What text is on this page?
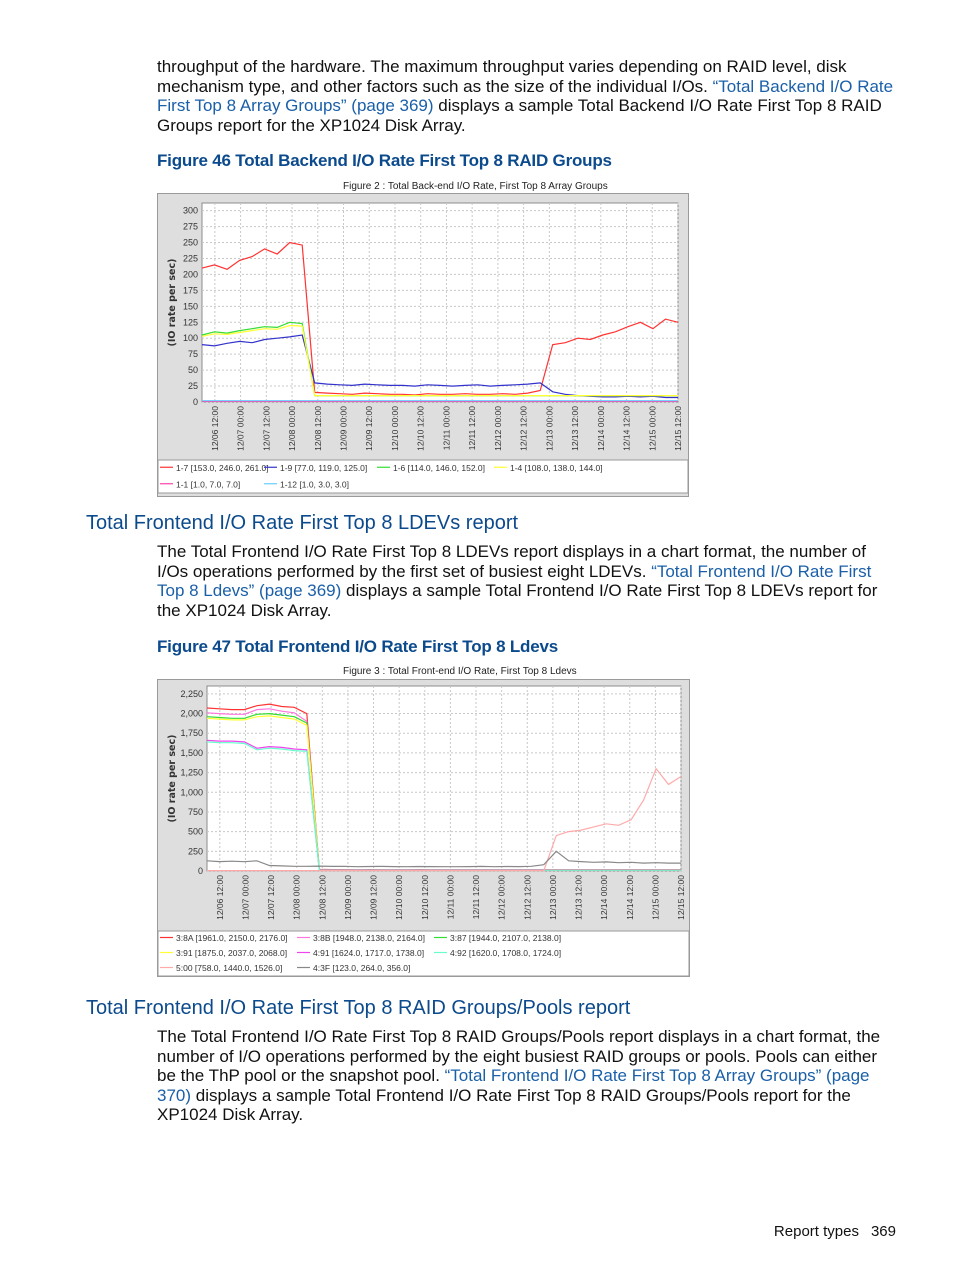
throughput of the hardware. The maximum throughput varies depending on RAID level, disk mechanism type, and other factors such as the size of the individual I/Os. “Total Backend I/O Rate First Top 8 Array Groups” (page 369) displays a sample Total Backend I/O Rate First Top 8 RAID Groups report for the XP1024 Disk Array.

Figure 46 Total Backend I/O Rate First Top 8 RAID Groups

Figure 2 : Total Back-end I/O Rate, First Top 8 Array Groups

0
25
50
75
100
125
150
175
200
225
250
275
300
(IO rate per sec)
12/06 12:00 12/07 00:00 12/07 12:00 12/08 00:00 12/08 12:00 12/09 00:00 12/09 12:00 12/10 00:00 12/10 12:00 12/11 00:00 12/11 12:00 12/12 00:00 12/12 12:00 12/13 00:00 12/13 12:00 12/14 00:00 12/14 12:00 12/15 00:00 12/15 12:00
1-7 [153.0, 246.0, 261.0] 1-9 [77.0, 119.0, 125.0]	1-6 [114.0, 146.0, 152.0]	1-4 [108.0, 138.0, 144.0]
1-1 [1.0, 7.0, 7.0]	1-12 [1.0, 3.0, 3.0]
Total Frontend I/O Rate First Top 8 LDEVs report

The Total Frontend I/O Rate First Top 8 LDEVs report displays in a chart format, the number of I/Os operations performed by the first set of busiest eight LDEVs. “Total Frontend I/O Rate First Top 8 Ldevs” (page 369) displays a sample Total Frontend I/O Rate First Top 8 LDEVs report for the XP1024 Disk Array.

Figure 47 Total Frontend I/O Rate First Top 8 Ldevs

Figure 3 : Total Front-end I/O Rate, First Top 8 Ldevs

0
250
500
750
1,000
1,250
1,500
1,750
2,000
2,250
(IO rate per sec)
12/06 12:00 12/07 00:00 12/07 12:00 12/08 00:00 12/08 12:00 12/09 00:00 12/09 12:00 12/10 00:00 12/10 12:00 12/11 00:00 12/11 12:00 12/12 00:00 12/12 12:00 12/13 00:00 12/13 12:00 12/14 00:00 12/14 12:00 12/15 00:00 12/15 12:00
3:8A [1961.0, 2150.0, 2176.0]	3:8B [1948.0, 2138.0, 2164.0]	3:87 [1944.0, 2107.0, 2138.0]
3:91 [1875.0, 2037.0, 2068.0]	4:91 [1624.0, 1717.0, 1738.0]	4:92 [1620.0, 1708.0, 1724.0]
5:00 [758.0, 1440.0, 1526.0]	4:3F [123.0, 264.0, 356.0]
Total Frontend I/O Rate First Top 8 RAID Groups/Pools report

The Total Frontend I/O Rate First Top 8 RAID Groups/Pools report displays in a chart format, the number of I/O operations performed by the eight busiest RAID groups or pools. Pools can either be the ThP pool or the snapshot pool. “Total Frontend I/O Rate First Top 8 Array Groups” (page 370) displays a sample Total Frontend I/O Rate First Top 8 RAID Groups/Pools report for the XP1024 Disk Array.

Report types 369
